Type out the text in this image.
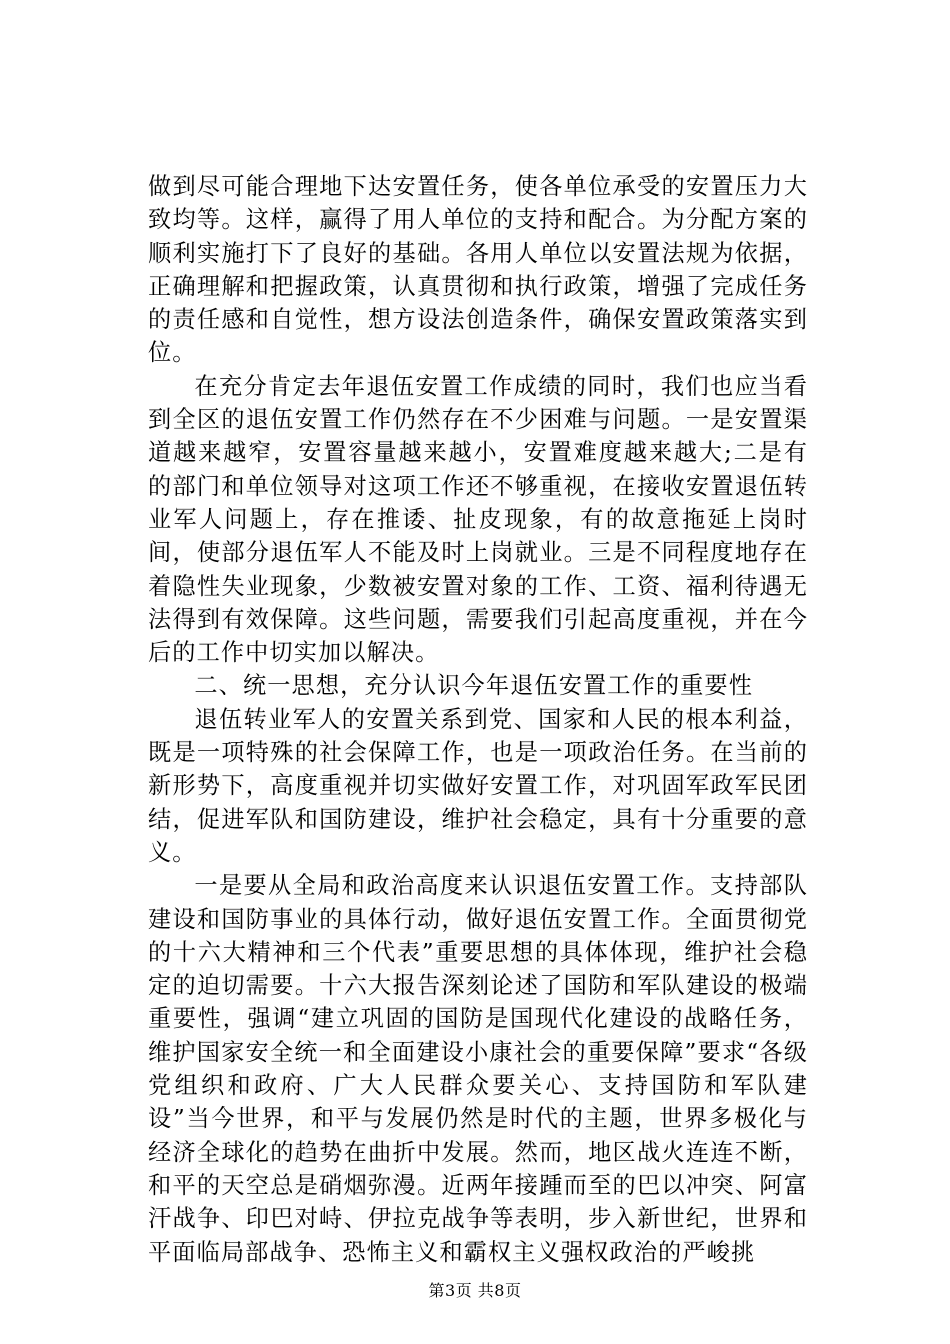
做到尽可能合理地下达安置任务，使各单位承受的安置压力大致均等。这样，赢得了用人单位的支持和配合。为分配方案的顺利实施打下了良好的基础。各用人单位以安置法规为依据，正确理解和把握政策，认真贯彻和执行政策，增强了完成任务的责任感和自觉性，想方设法创造条件，确保安置政策落实到位。

在充分肯定去年退伍安置工作成绩的同时，我们也应当看到全区的退伍安置工作仍然存在不少困难与问题。一是安置渠道越来越窄，安置容量越来越小，安置难度越来越大;二是有的部门和单位领导对这项工作还不够重视，在接收安置退伍转业军人问题上，存在推诿、扯皮现象，有的故意拖延上岗时间，使部分退伍军人不能及时上岗就业。三是不同程度地存在着隐性失业现象，少数被安置对象的工作、工资、福利待遇无法得到有效保障。这些问题，需要我们引起高度重视，并在今后的工作中切实加以解决。

二、统一思想，充分认识今年退伍安置工作的重要性

退伍转业军人的安置关系到党、国家和人民的根本利益，既是一项特殊的社会保障工作，也是一项政治任务。在当前的新形势下，高度重视并切实做好安置工作，对巩固军政军民团结，促进军队和国防建设，维护社会稳定，具有十分重要的意义。

一是要从全局和政治高度来认识退伍安置工作。支持部队建设和国防事业的具体行动，做好退伍安置工作。全面贯彻党的十六大精神和三个代表”重要思想的具体体现，维护社会稳定的迫切需要。十六大报告深刻论述了国防和军队建设的极端重要性，强调“建立巩固的国防是国现代化建设的战略任务，维护国家安全统一和全面建设小康社会的重要保障”要求“各级党组织和政府、广大人民群众要关心、支持国防和军队建设”当今世界，和平与发展仍然是时代的主题，世界多极化与经济全球化的趋势在曲折中发展。然而，地区战火连连不断，和平的天空总是硝烟弥漫。近两年接踵而至的巴以冲突、阿富汗战争、印巴对峙、伊拉克战争等表明，步入新世纪，世界和平面临局部战争、恐怖主义和霸权主义强权政治的严峻挑

第3页 共8页
